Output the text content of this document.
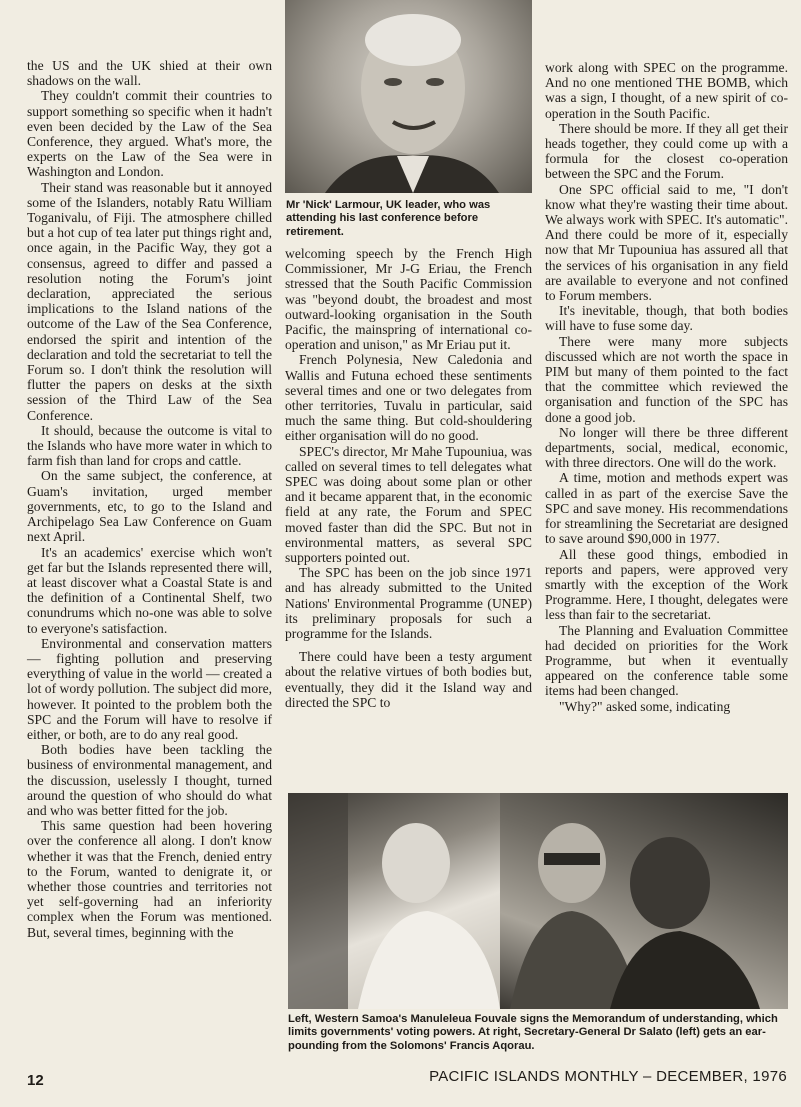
the US and the UK shied at their own shadows on the wall.

They couldn't commit their countries to support something so specific when it hadn't even been decided by the Law of the Sea Conference, they argued. What's more, the experts on the Law of the Sea were in Washington and London.

Their stand was reasonable but it annoyed some of the Islanders, notably Ratu William Toganivalu, of Fiji. The atmosphere chilled but a hot cup of tea later put things right and, once again, in the Pacific Way, they got a consensus, agreed to differ and passed a resolution noting the Forum's joint declaration, appreciated the serious implications to the Island nations of the outcome of the Law of the Sea Conference, endorsed the spirit and intention of the declaration and told the secretariat to tell the Forum so. I don't think the resolution will flutter the papers on desks at the sixth session of the Third Law of the Sea Conference.

It should, because the outcome is vital to the Islands who have more water in which to farm fish than land for crops and cattle.

On the same subject, the conference, at Guam's invitation, urged member governments, etc, to go to the Island and Archipelago Sea Law Conference on Guam next April.

It's an academics' exercise which won't get far but the Islands represented there will, at least discover what a Coastal State is and the definition of a Continental Shelf, two conundrums which no-one was able to solve to everyone's satisfaction.

Environmental and conservation matters — fighting pollution and preserving everything of value in the world — created a lot of wordy pollution. The subject did more, however. It pointed to the problem both the SPC and the Forum will have to resolve if either, or both, are to do any real good.

Both bodies have been tackling the business of environmental management, and the discussion, uselessly I thought, turned around the question of who should do what and who was better fitted for the job.

This same question had been hovering over the conference all along. I don't know whether it was that the French, denied entry to the Forum, wanted to denigrate it, or whether those countries and territories not yet self-governing had an inferiority complex when the Forum was mentioned. But, several times, beginning with the

Mr 'Nick' Larmour, UK leader, who was attending his last conference before retirement.

welcoming speech by the French High Commissioner, Mr J-G Eriau, the French stressed that the South Pacific Commission was "beyond doubt, the broadest and most outward-looking organisation in the South Pacific, the mainspring of international co-operation and unison," as Mr Eriau put it.

French Polynesia, New Caledonia and Wallis and Futuna echoed these sentiments several times and one or two delegates from other territories, Tuvalu in particular, said much the same thing. But cold-shouldering either organisation will do no good.

SPEC's director, Mr Mahe Tupouniua, was called on several times to tell delegates what SPEC was doing about some plan or other and it became apparent that, in the economic field at any rate, the Forum and SPEC moved faster than did the SPC. But not in environmental matters, as several SPC supporters pointed out.

The SPC has been on the job since 1971 and has already submitted to the United Nations' Environmental Programme (UNEP) its preliminary proposals for such a programme for the Islands.

There could have been a testy argument about the relative virtues of both bodies but, eventually, they did it the Island way and directed the SPC to

work along with SPEC on the programme. And no one mentioned THE BOMB, which was a sign, I thought, of a new spirit of co-operation in the South Pacific.

There should be more. If they all get their heads together, they could come up with a formula for the closest co-operation between the SPC and the Forum.

One SPC official said to me, "I don't know what they're wasting their time about. We always work with SPEC. It's automatic". And there could be more of it, especially now that Mr Tupouniua has assured all that the services of his organisation in any field are available to everyone and not confined to Forum members.

It's inevitable, though, that both bodies will have to fuse some day.

There were many more subjects discussed which are not worth the space in PIM but many of them pointed to the fact that the committee which reviewed the organisation and function of the SPC has done a good job.

No longer will there be three different departments, social, medical, economic, with three directors. One will do the work.

A time, motion and methods expert was called in as part of the exercise Save the SPC and save money. His recommendations for streamlining the Secretariat are designed to save around $90,000 in 1977.

All these good things, embodied in reports and papers, were approved very smartly with the exception of the Work Programme. Here, I thought, delegates were less than fair to the secretariat.

The Planning and Evaluation Committee had decided on priorities for the Work Programme, but when it eventually appeared on the conference table some items had been changed.

"Why?" asked some, indicating

Left, Western Samoa's Manuleleua Fouvale signs the Memorandum of understanding, which limits governments' voting powers. At right, Secretary-General Dr Salato (left) gets an ear-pounding from the Solomons' Francis Aqorau.
12	PACIFIC ISLANDS MONTHLY – DECEMBER, 1976
